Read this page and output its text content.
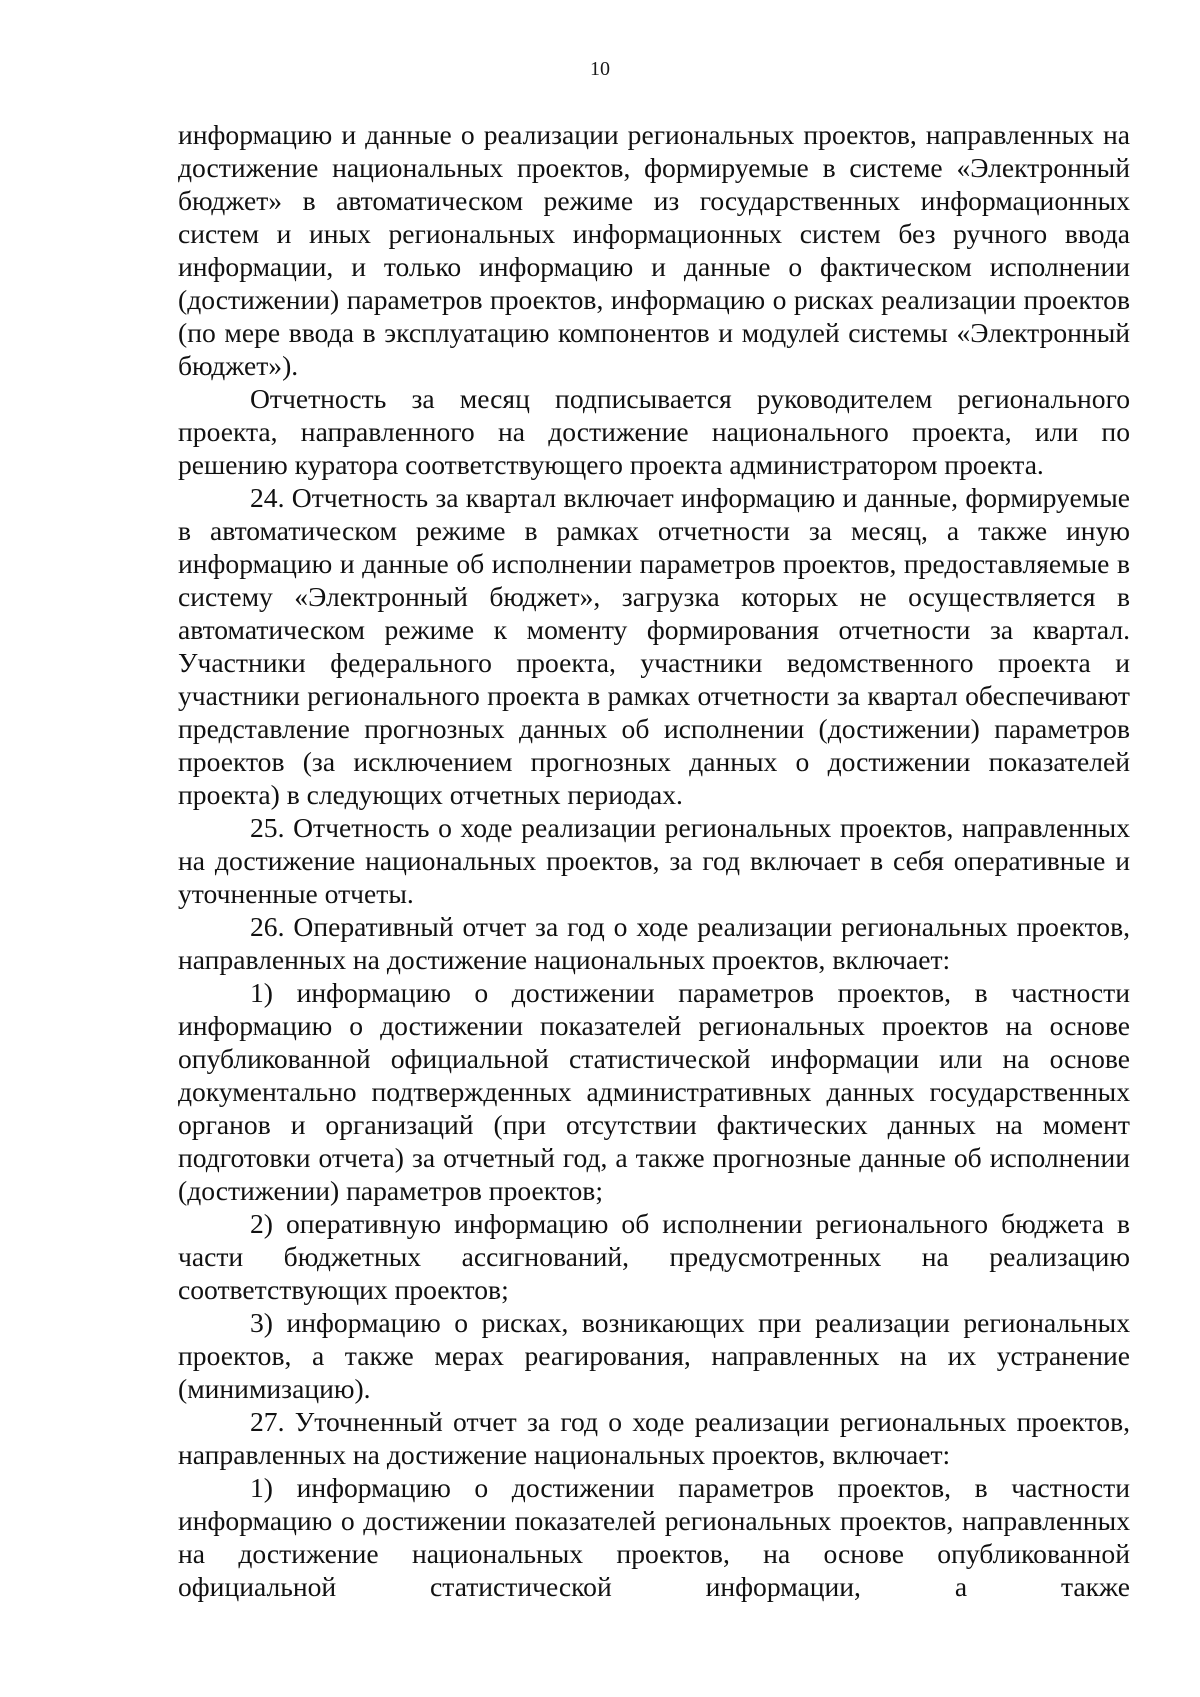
10

информацию и данные о реализации региональных проектов, направленных на достижение национальных проектов, формируемые в системе «Электронный бюджет» в автоматическом режиме из государственных информационных систем и иных региональных информационных систем без ручного ввода информации, и только информацию и данные о фактическом исполнении (достижении) параметров проектов, информацию о рисках реализации проектов (по мере ввода в эксплуатацию компонентов и модулей системы «Электронный бюджет»).

Отчетность за месяц подписывается руководителем регионального проекта, направленного на достижение национального проекта, или по решению куратора соответствующего проекта администратором проекта.

24. Отчетность за квартал включает информацию и данные, формируемые в автоматическом режиме в рамках отчетности за месяц, а также иную информацию и данные об исполнении параметров проектов, предоставляемые в систему «Электронный бюджет», загрузка которых не осуществляется в автоматическом режиме к моменту формирования отчетности за квартал. Участники федерального проекта, участники ведомственного проекта и участники регионального проекта в рамках отчетности за квартал обеспечивают представление прогнозных данных об исполнении (достижении) параметров проектов (за исключением прогнозных данных о достижении показателей проекта) в следующих отчетных периодах.

25. Отчетность о ходе реализации региональных проектов, направленных на достижение национальных проектов, за год включает в себя оперативные и уточненные отчеты.

26. Оперативный отчет за год о ходе реализации региональных проектов, направленных на достижение национальных проектов, включает:

1) информацию о достижении параметров проектов, в частности информацию о достижении показателей региональных проектов на основе опубликованной официальной статистической информации или на основе документально подтвержденных административных данных государственных органов и организаций (при отсутствии фактических данных на момент подготовки отчета) за отчетный год, а также прогнозные данные об исполнении (достижении) параметров проектов;

2) оперативную информацию об исполнении регионального бюджета в части бюджетных ассигнований, предусмотренных на реализацию соответствующих проектов;

3) информацию о рисках, возникающих при реализации региональных проектов, а также мерах реагирования, направленных на их устранение (минимизацию).

27. Уточненный отчет за год о ходе реализации региональных проектов, направленных на достижение национальных проектов, включает:

1) информацию о достижении параметров проектов, в частности информацию о достижении показателей региональных проектов, направленных на достижение национальных проектов, на основе опубликованной официальной статистической информации, а также
